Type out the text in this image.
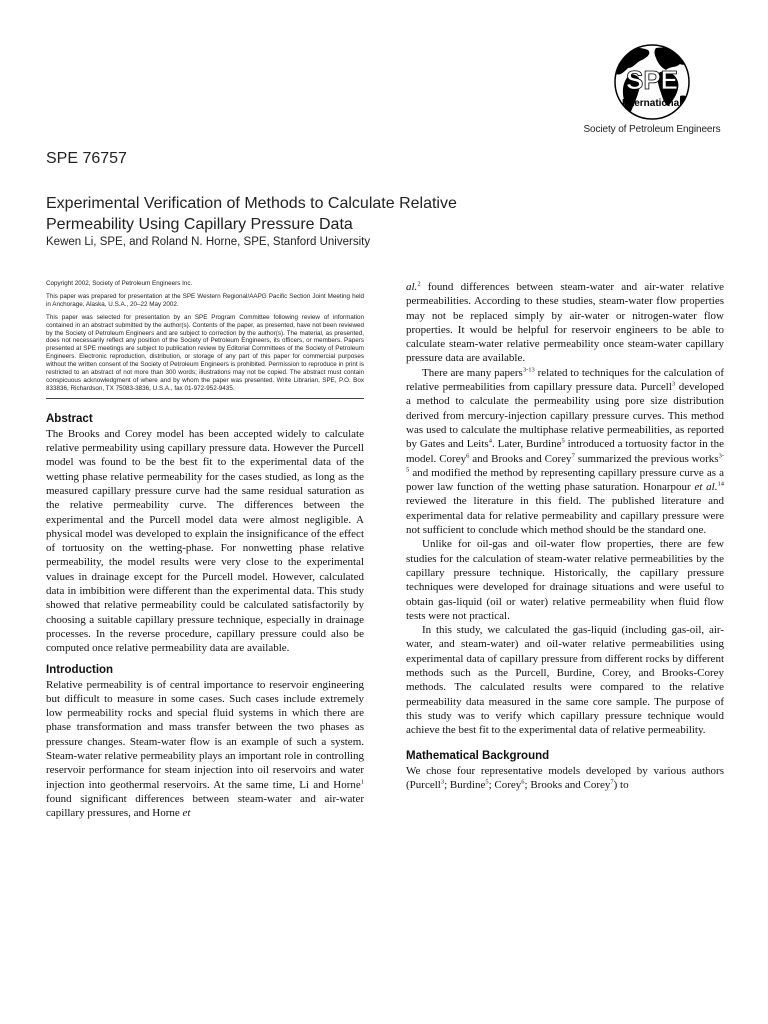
SPE
International
Society of Petroleum Engineers
SPE 76757
Experimental Verification of Methods to Calculate Relative
Permeability Using Capillary Pressure Data
Kewen Li, SPE, and Roland N. Horne, SPE, Stanford University

Copyright 2002, Society of Petroleum Engineers Inc.

This paper was prepared for presentation at the SPE Western Regional/AAPG Pacific Section Joint Meeting held in Anchorage, Alaska, U.S.A., 20–22 May 2002.

This paper was selected for presentation by an SPE Program Committee following review of information contained in an abstract submitted by the author(s). Contents of the paper, as presented, have not been reviewed by the Society of Petroleum Engineers and are subject to correction by the author(s). The material, as presented, does not necessarily reflect any position of the Society of Petroleum Engineers, its officers, or members. Papers presented at SPE meetings are subject to publication review by Editorial Committees of the Society of Petroleum Engineers. Electronic reproduction, distribution, or storage of any part of this paper for commercial purposes without the written consent of the Society of Petroleum Engineers is prohibited. Permission to reproduce in print is restricted to an abstract of not more than 300 words; illustrations may not be copied. The abstract must contain conspicuous acknowledgment of where and by whom the paper was presented. Write Librarian, SPE, P.O. Box 833836, Richardson, TX 75083-3836, U.S.A., fax 01-972-952-9435.

Abstract

The Brooks and Corey model has been accepted widely to calculate relative permeability using capillary pressure data. However the Purcell model was found to be the best fit to the experimental data of the wetting phase relative permeability for the cases studied, as long as the measured capillary pressure curve had the same residual saturation as the relative permeability curve. The differences between the experimental and the Purcell model data were almost negligible. A physical model was developed to explain the insignificance of the effect of tortuosity on the wetting-phase. For nonwetting phase relative permeability, the model results were very close to the experimental values in drainage except for the Purcell model. However, calculated data in imbibition were different than the experimental data. This study showed that relative permeability could be calculated satisfactorily by choosing a suitable capillary pressure technique, especially in drainage processes. In the reverse procedure, capillary pressure could also be computed once relative permeability data are available.

Introduction

Relative permeability is of central importance to reservoir engineering but difficult to measure in some cases. Such cases include extremely low permeability rocks and special fluid systems in which there are phase transformation and mass transfer between the two phases as pressure changes. Steam-water flow is an example of such a system. Steam-water relative permeability plays an important role in controlling reservoir performance for steam injection into oil reservoirs and water injection into geothermal reservoirs. At the same time, Li and Horne$^1$ found significant differences between steam-water and air-water capillary pressures, and Horne et

al.$^2$ found differences between steam-water and air-water relative permeabilities. According to these studies, steam-water flow properties may not be replaced simply by air-water or nitrogen-water flow properties. It would be helpful for reservoir engineers to be able to calculate steam-water relative permeability once steam-water capillary pressure data are available.

There are many papers$^{3-13}$ related to techniques for the calculation of relative permeabilities from capillary pressure data. Purcell$^3$ developed a method to calculate the permeability using pore size distribution derived from mercury-injection capillary pressure curves. This method was used to calculate the multiphase relative permeabilities, as reported by Gates and Leits$^4$. Later, Burdine$^5$ introduced a tortuosity factor in the model. Corey$^6$ and Brooks and Corey$^7$ summarized the previous works$^{3-5}$ and modified the method by representing capillary pressure curve as a power law function of the wetting phase saturation. Honarpour et al.$^{14}$ reviewed the literature in this field. The published literature and experimental data for relative permeability and capillary pressure were not sufficient to conclude which method should be the standard one.

Unlike for oil-gas and oil-water flow properties, there are few studies for the calculation of steam-water relative permeabilities by the capillary pressure technique. Historically, the capillary pressure techniques were developed for drainage situations and were useful to obtain gas-liquid (oil or water) relative permeability when fluid flow tests were not practical.

In this study, we calculated the gas-liquid (including gas-oil, air-water, and steam-water) and oil-water relative permeabilities using experimental data of capillary pressure from different rocks by different methods such as the Purcell, Burdine, Corey, and Brooks-Corey methods. The calculated results were compared to the relative permeability data measured in the same core sample. The purpose of this study was to verify which capillary pressure technique would achieve the best fit to the experimental data of relative permeability.

Mathematical Background

We chose four representative models developed by various authors (Purcell$^3$; Burdine$^5$; Corey$^6$; Brooks and Corey$^7$) to
